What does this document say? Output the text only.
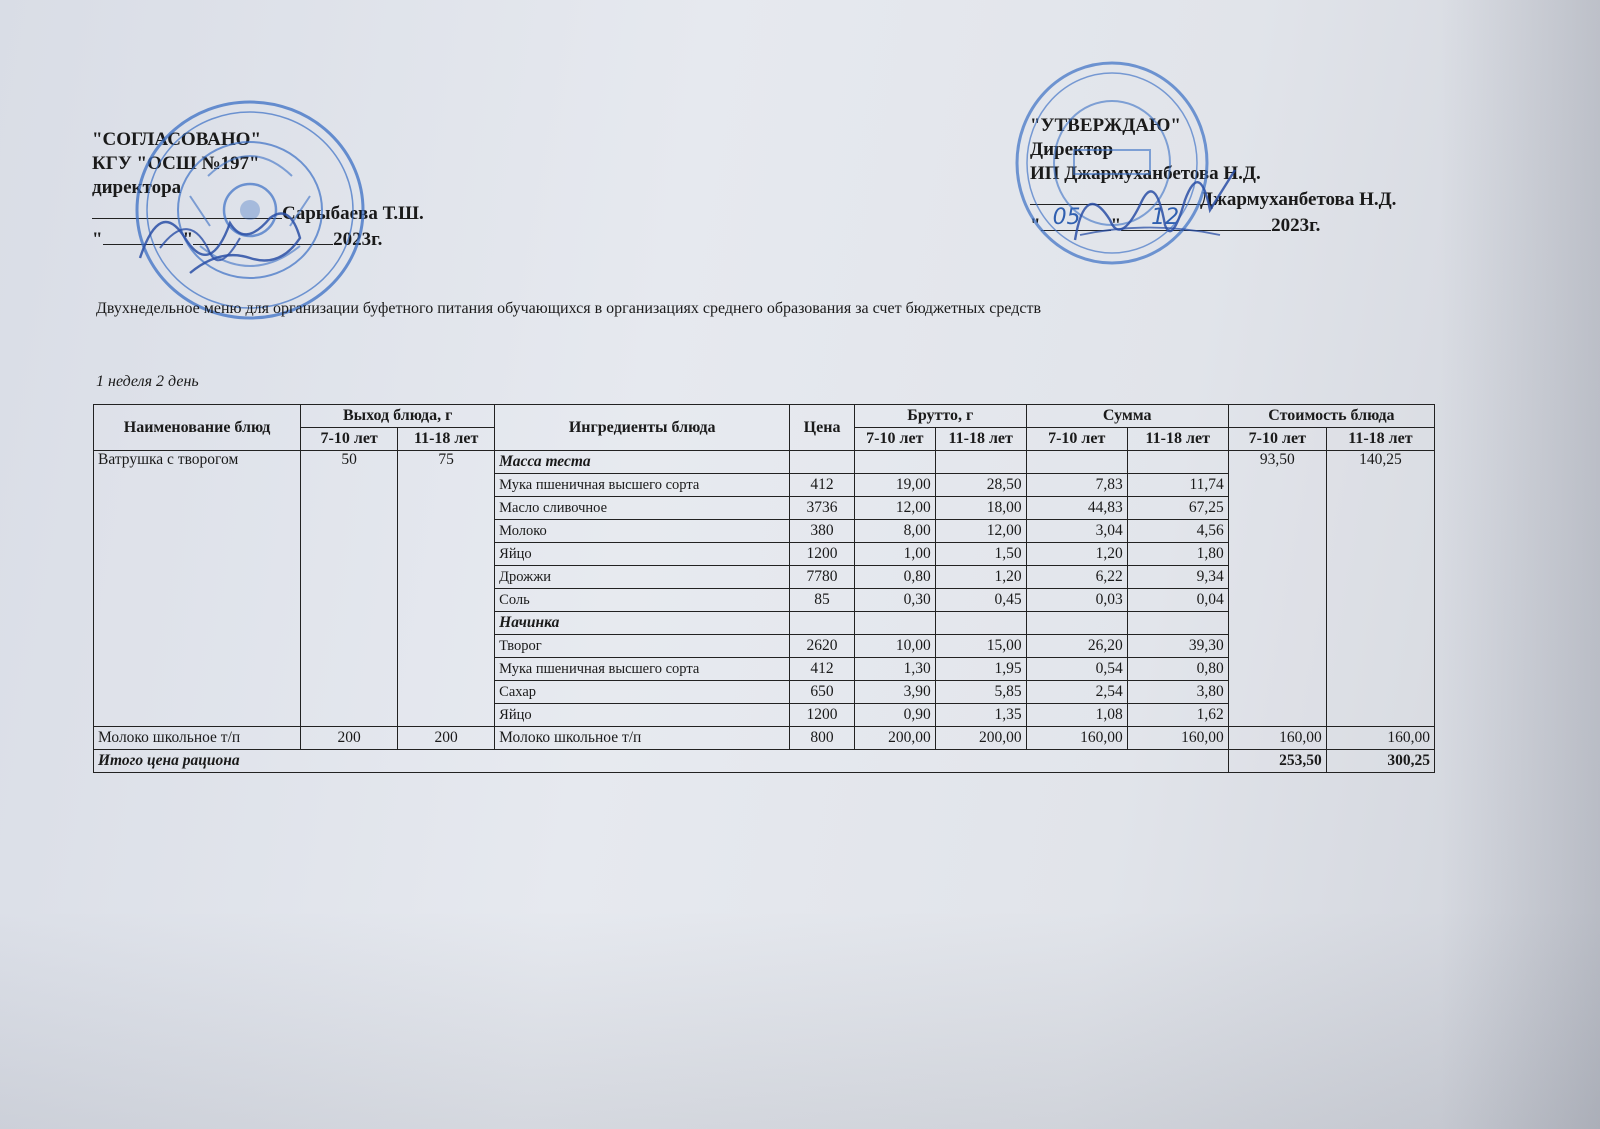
"СОГЛАСОВАНО"
КГУ "ОСШ №197"
директора
Сарыбаева Т.Ш.
"	"	2023г.
"УТВЕРЖДАЮ"
Директор
ИП Джармуханбетова Н.Д.
Джармуханбетова Н.Д.
" 05 " 12	2023г.
Двухнедельное меню для организации буфетного питания обучающихся в организациях среднего образования за счет бюджетных средств
1 неделя 2 день
Наименование блюд	Выход блюда, г		Ингредиенты блюда	Цена	Брутто, г		Сумма		Стоимость блюда	
	7-10 лет	11-18 лет			7-10 лет	11-18 лет	7-10 лет	11-18 лет	7-10 лет	11-18 лет
Ватрушка с творогом	50	75	Масса теста						93,50	140,25
			Мука пшеничная высшего сорта	412	19,00	28,50	7,83	11,74		
			Масло сливочное	3736	12,00	18,00	44,83	67,25		
			Молоко	380	8,00	12,00	3,04	4,56		
			Яйцо	1200	1,00	1,50	1,20	1,80		
			Дрожжи	7780	0,80	1,20	6,22	9,34		
			Соль	85	0,30	0,45	0,03	0,04		
			Начинка							
			Творог	2620	10,00	15,00	26,20	39,30		
			Мука пшеничная высшего сорта	412	1,30	1,95	0,54	0,80		
			Сахар	650	3,90	5,85	2,54	3,80		
			Яйцо	1200	0,90	1,35	1,08	1,62		
Молоко школьное т/п	200	200	Молоко школьное т/п	800	200,00	200,00	160,00	160,00	160,00	160,00
Итого цена рациона									253,50	300,25
